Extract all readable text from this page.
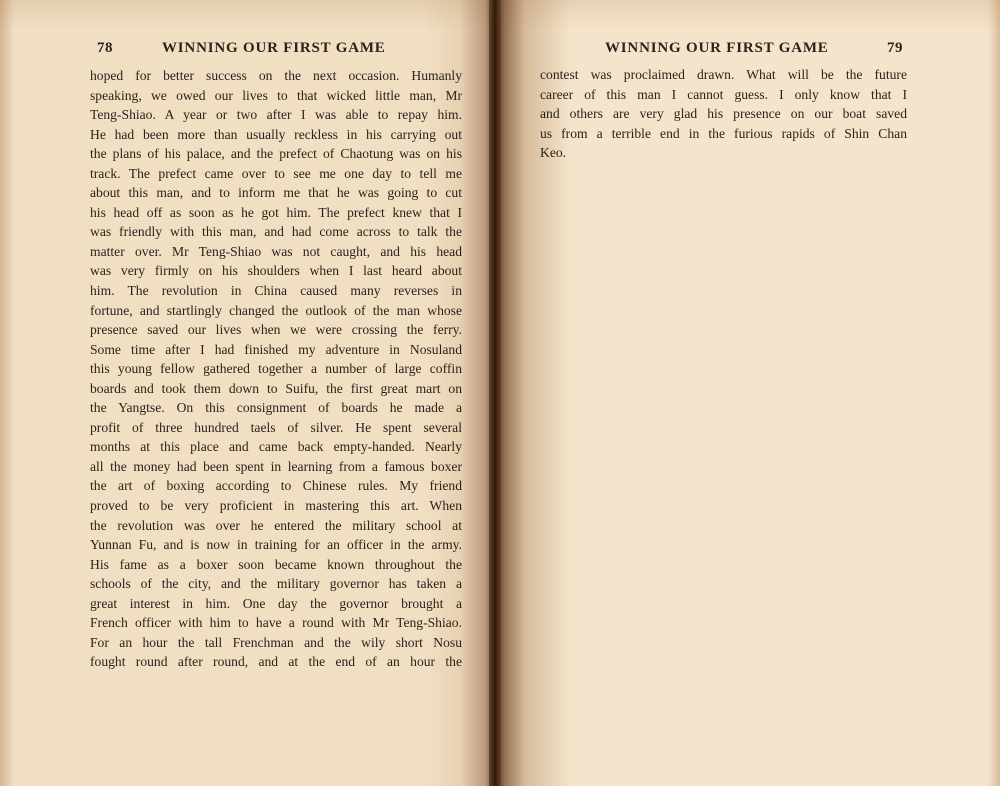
78	WINNING OUR FIRST GAME
hoped for better success on the next occasion. Humanly
speaking, we owed our lives to that wicked little man, Mr
Teng-Shiao. A year or two after I was able to repay him.
He had been more than usually reckless in his carrying out
the plans of his palace, and the prefect of Chaotung was on his
track. The prefect came over to see me one day to tell me
about this man, and to inform me that he was going to cut
his head off as soon as he got him. The prefect knew that I
was friendly with this man, and had come across to talk the
matter over. Mr Teng-Shiao was not caught, and his head
was very firmly on his shoulders when I last heard about
him. The revolution in China caused many reverses in
fortune, and startlingly changed the outlook of the man whose
presence saved our lives when we were crossing the ferry.
Some time after I had finished my adventure in Nosuland
this young fellow gathered together a number of large coffin
boards and took them down to Suifu, the first great mart on
the Yangtse. On this consignment of boards he made a
profit of three hundred taels of silver. He spent several
months at this place and came back empty-handed. Nearly
all the money had been spent in learning from a famous boxer
the art of boxing according to Chinese rules. My friend
proved to be very proficient in mastering this art. When
the revolution was over he entered the military school at
Yunnan Fu, and is now in training for an officer in the army.
His fame as a boxer soon became known throughout the
schools of the city, and the military governor has taken a
great interest in him. One day the governor brought a
French officer with him to have a round with Mr Teng-Shiao.
For an hour the tall Frenchman and the wily short Nosu
fought round after round, and at the end of an hour the
WINNING OUR FIRST GAME	79
contest was proclaimed drawn. What will be the future
career of this man I cannot guess. I only know that I
and others are very glad his presence on our boat saved
us from a terrible end in the furious rapids of Shin Chan
Keo.
